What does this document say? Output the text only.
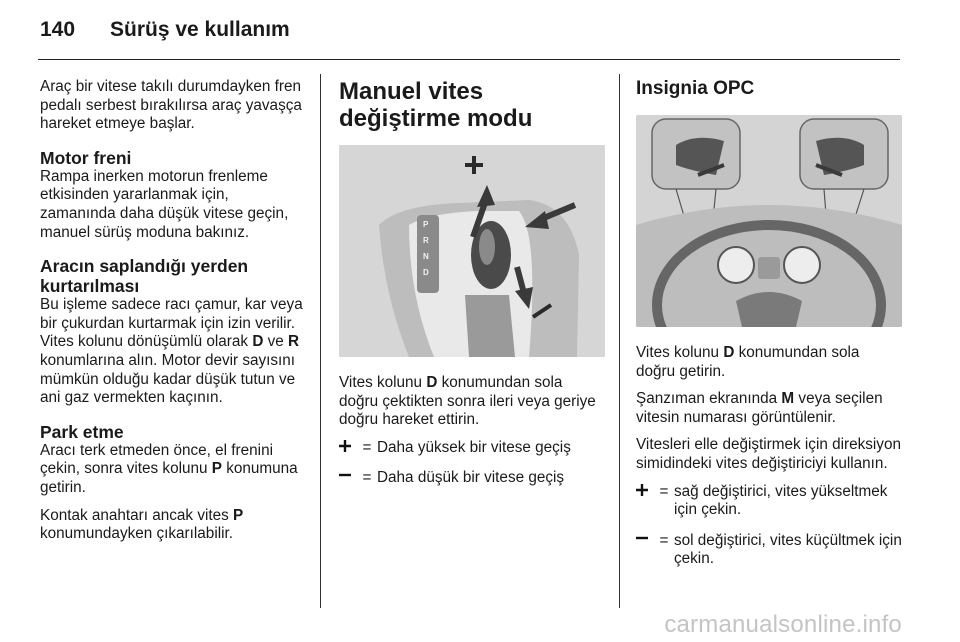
140 Sürüş ve kullanım

Araç bir vitese takılı durumdayken fren pedalı serbest bırakılırsa araç yavaşça hareket etmeye başlar.

Motor freni

Rampa inerken motorun frenleme etkisinden yararlanmak için, zamanında daha düşük vitese geçin, manuel sürüş moduna bakınız.

Aracın saplandığı yerden kurtarılması

Bu işleme sadece racı çamur, kar veya bir çukurdan kurtarmak için izin verilir. Vites kolunu dönüşümlü olarak D ve R konumlarına alın. Motor devir sayısını mümkün olduğu kadar düşük tutun ve ani gaz vermekten kaçının.

Park etme

Aracı terk etmeden önce, el frenini çekin, sonra vites kolunu P konumuna getirin.

Kontak anahtarı ancak vites P konumundayken çıkarılabilir.

Manuel vites değiştirme modu
P
R
N
D

Vites kolunu D konumundan sola doğru çektikten sonra ileri veya geriye doğru hareket ettirin.

= Daha yüksek bir vitese geçiş
= Daha düşük bir vitese geçiş
Insignia OPC

Vites kolunu D konumundan sola doğru getirin.

Şanzıman ekranında M veya seçilen vitesin numarası görüntülenir.

Vitesleri elle değiştirmek için direksiyon simidindeki vites değiştiriciyi kullanın.

= sağ değiştirici, vites yükseltmek için çekin.
= sol değiştirici, vites küçültmek için çekin.
carmanualsonline.info
